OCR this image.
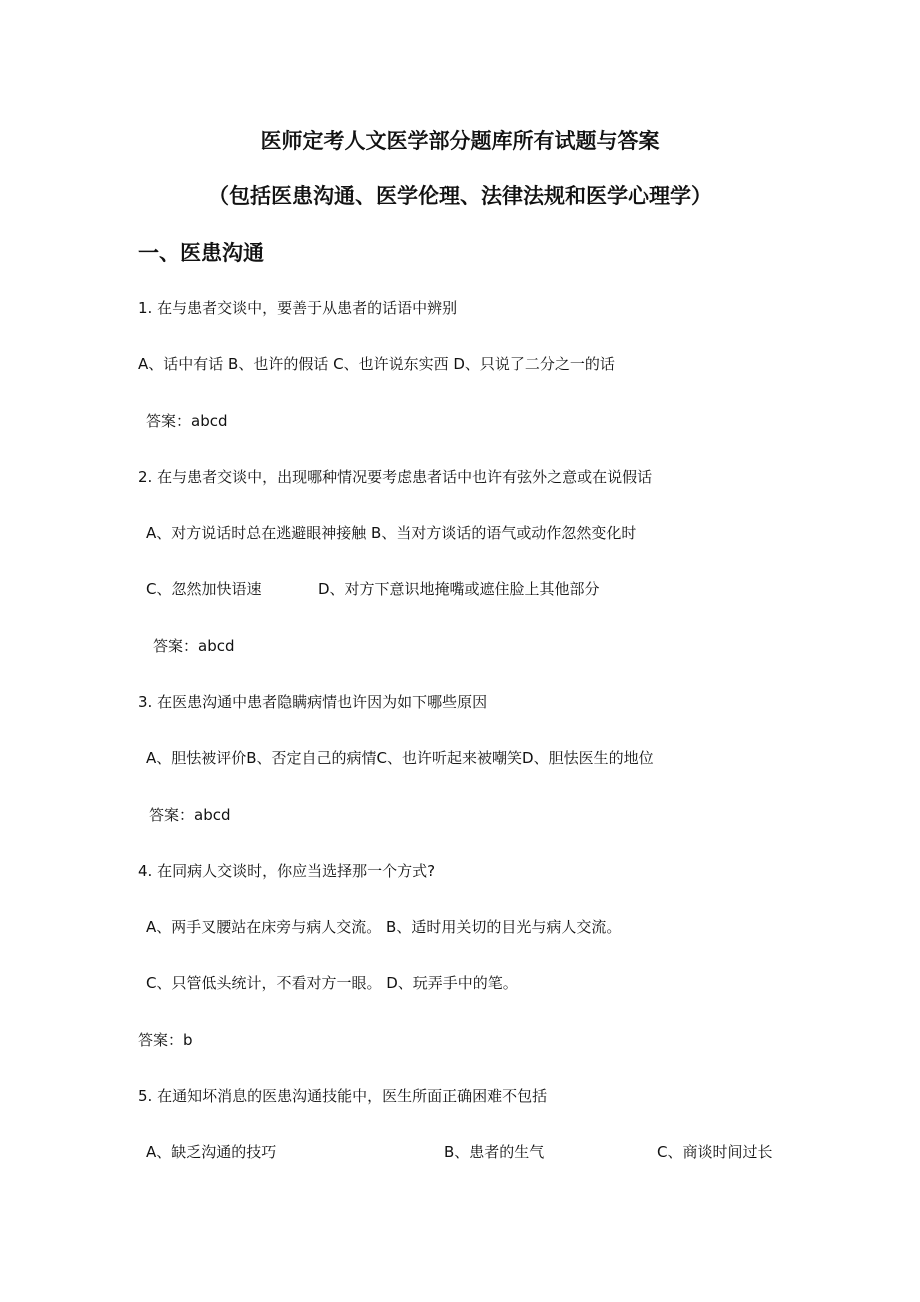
医师定考人文医学部分题库所有试题与答案
（包括医患沟通、医学伦理、法律法规和医学心理学）
一、医患沟通
1. 在与患者交谈中，要善于从患者的话语中辨别
A、话中有话 B、也许的假话 C、也许说东实西 D、只说了二分之一的话
答案：abcd
2. 在与患者交谈中，出现哪种情况要考虑患者话中也许有弦外之意或在说假话
A、对方说话时总在逃避眼神接触 B、当对方谈话的语气或动作忽然变化时
C、忽然加快语速	D、对方下意识地掩嘴或遮住脸上其他部分
答案：abcd
3. 在医患沟通中患者隐瞒病情也许因为如下哪些原因
A、胆怯被评价B、否定自己的病情C、也许听起来被嘲笑D、胆怯医生的地位
答案：abcd
4. 在同病人交谈时，你应当选择那一个方式?
A、两手叉腰站在床旁与病人交流。 B、适时用关切的目光与病人交流。
C、只管低头统计，不看对方一眼。 D、玩弄手中的笔。
答案：b
5. 在通知坏消息的医患沟通技能中，医生所面正确困难不包括
A、缺乏沟通的技巧	B、患者的生气	C、商谈时间过长
